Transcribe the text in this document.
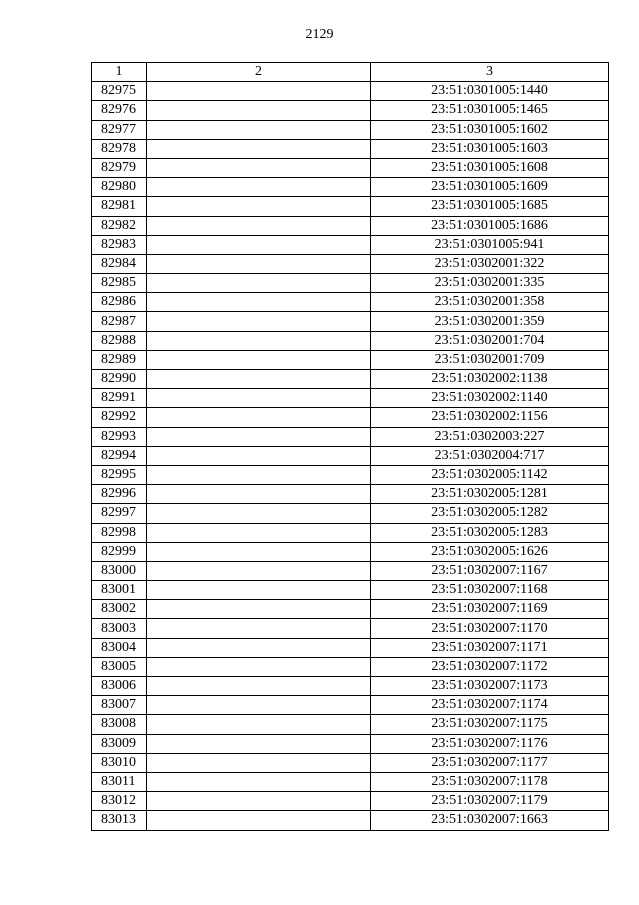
2129
1	2	3
82975		23:51:0301005:1440
82976		23:51:0301005:1465
82977		23:51:0301005:1602
82978		23:51:0301005:1603
82979		23:51:0301005:1608
82980		23:51:0301005:1609
82981		23:51:0301005:1685
82982		23:51:0301005:1686
82983		23:51:0301005:941
82984		23:51:0302001:322
82985		23:51:0302001:335
82986		23:51:0302001:358
82987		23:51:0302001:359
82988		23:51:0302001:704
82989		23:51:0302001:709
82990		23:51:0302002:1138
82991		23:51:0302002:1140
82992		23:51:0302002:1156
82993		23:51:0302003:227
82994		23:51:0302004:717
82995		23:51:0302005:1142
82996		23:51:0302005:1281
82997		23:51:0302005:1282
82998		23:51:0302005:1283
82999		23:51:0302005:1626
83000		23:51:0302007:1167
83001		23:51:0302007:1168
83002		23:51:0302007:1169
83003		23:51:0302007:1170
83004		23:51:0302007:1171
83005		23:51:0302007:1172
83006		23:51:0302007:1173
83007		23:51:0302007:1174
83008		23:51:0302007:1175
83009		23:51:0302007:1176
83010		23:51:0302007:1177
83011		23:51:0302007:1178
83012		23:51:0302007:1179
83013		23:51:0302007:1663
